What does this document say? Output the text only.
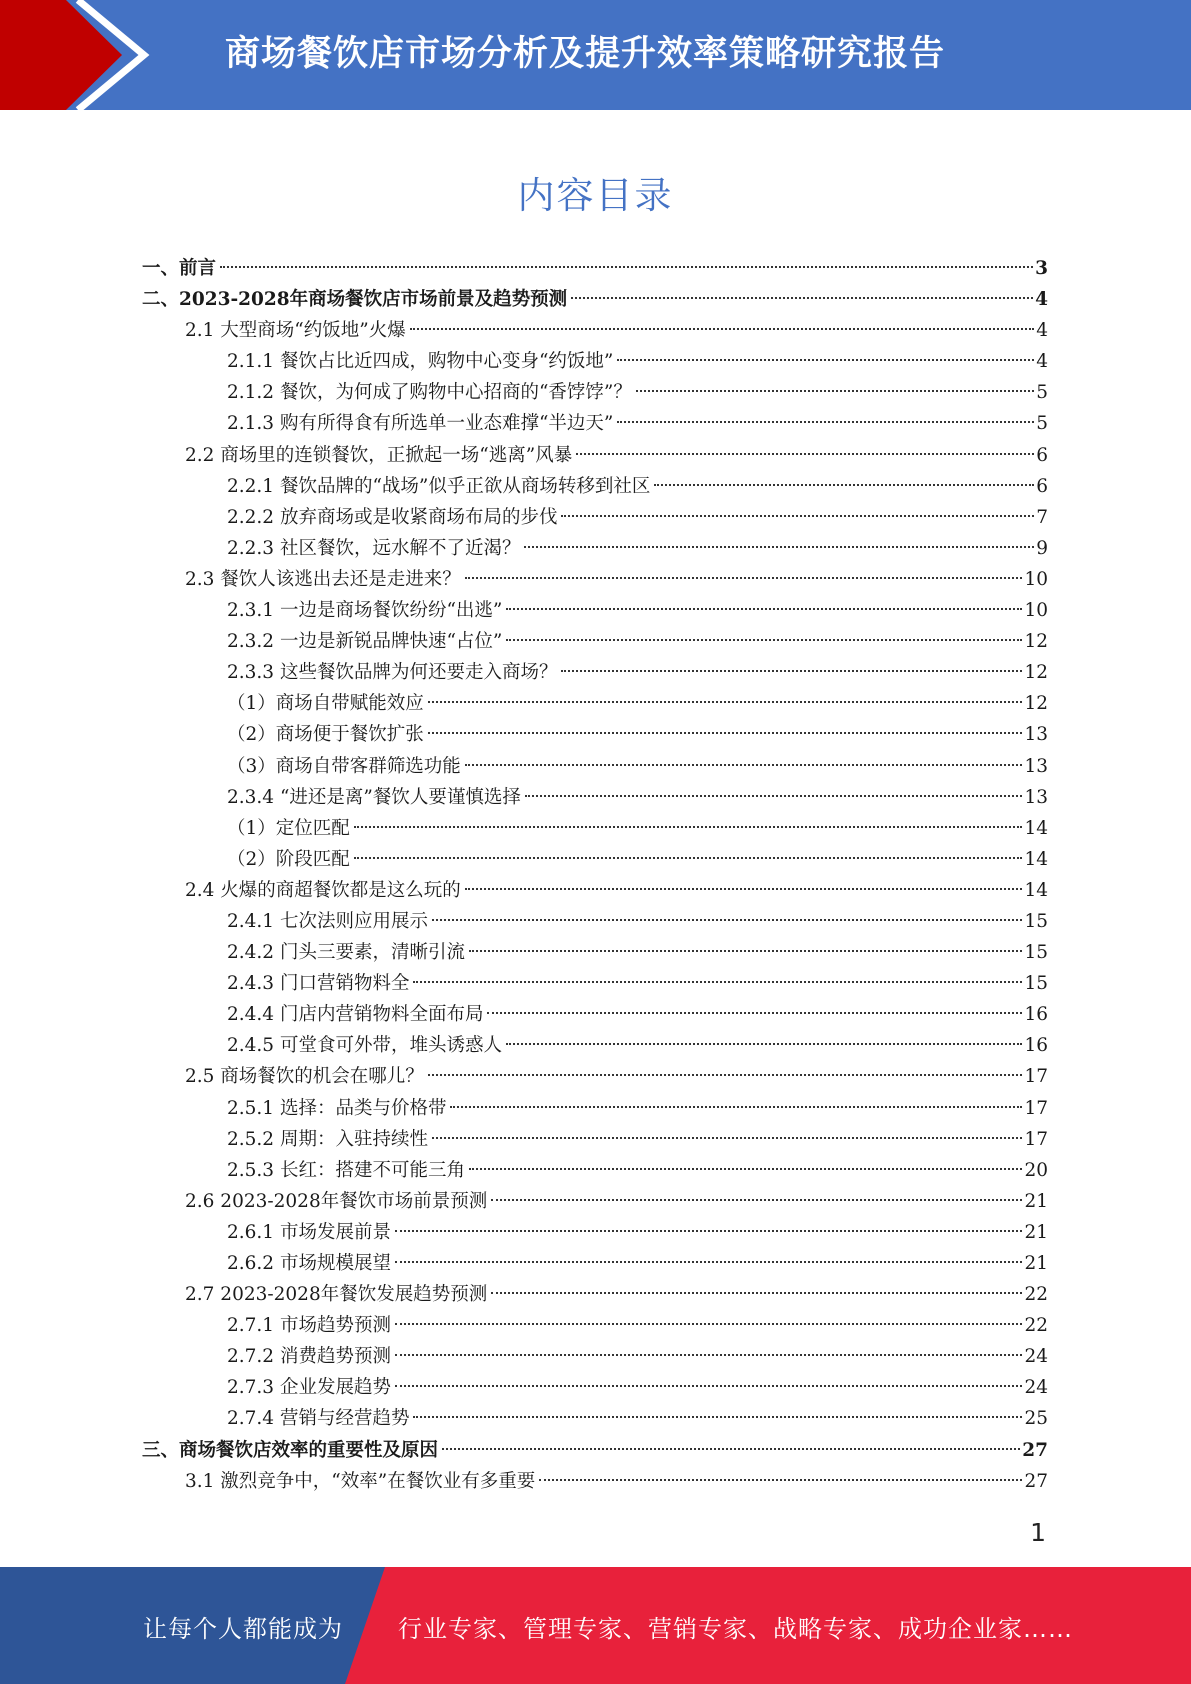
商场餐饮店市场分析及提升效率策略研究报告
内容目录
一、前言	3
二、2023-2028年商场餐饮店市场前景及趋势预测	4
2.1 大型商场“约饭地”火爆	4
2.1.1 餐饮占比近四成，购物中心变身“约饭地”	4
2.1.2 餐饮，为何成了购物中心招商的“香饽饽”？	5
2.1.3 购有所得食有所选单一业态难撑“半边天”	5
2.2 商场里的连锁餐饮，正掀起一场“逃离”风暴	6
2.2.1 餐饮品牌的“战场”似乎正欲从商场转移到社区	6
2.2.2 放弃商场或是收紧商场布局的步伐	7
2.2.3 社区餐饮，远水解不了近渴？	9
2.3 餐饮人该逃出去还是走进来？	10
2.3.1 一边是商场餐饮纷纷“出逃”	10
2.3.2 一边是新锐品牌快速“占位”	12
2.3.3 这些餐饮品牌为何还要走入商场？	12
（1）商场自带赋能效应	12
（2）商场便于餐饮扩张	13
（3）商场自带客群筛选功能	13
2.3.4 “进还是离”餐饮人要谨慎选择	13
（1）定位匹配	14
（2）阶段匹配	14
2.4 火爆的商超餐饮都是这么玩的	14
2.4.1 七次法则应用展示	15
2.4.2 门头三要素，清晰引流	15
2.4.3 门口营销物料全	15
2.4.4 门店内营销物料全面布局	16
2.4.5 可堂食可外带，堆头诱惑人	16
2.5 商场餐饮的机会在哪儿？	17
2.5.1 选择：品类与价格带	17
2.5.2 周期：入驻持续性	17
2.5.3 长红：搭建不可能三角	20
2.6 2023-2028年餐饮市场前景预测	21
2.6.1 市场发展前景	21
2.6.2 市场规模展望	21
2.7 2023-2028年餐饮发展趋势预测	22
2.7.1 市场趋势预测	22
2.7.2 消费趋势预测	24
2.7.3 企业发展趋势	24
2.7.4 营销与经营趋势	25
三、商场餐饮店效率的重要性及原因	27
3.1 激烈竞争中，“效率”在餐饮业有多重要	27
1
让每个人都能成为 行业专家、管理专家、营销专家、战略专家、成功企业家……
